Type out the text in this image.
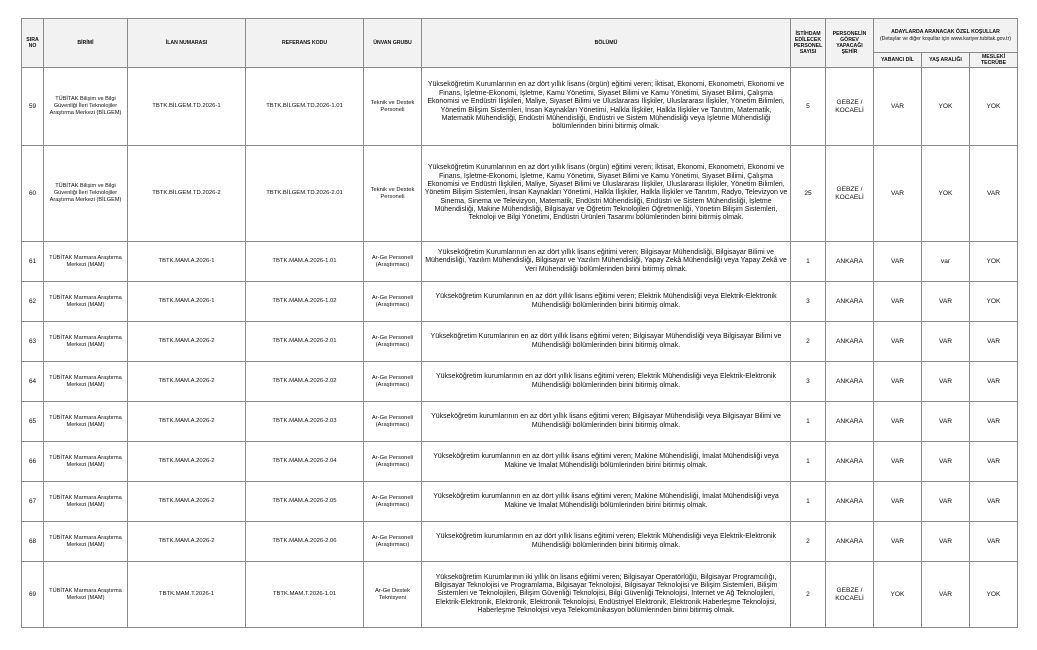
SIRA NO	BİRİMİ	İLAN NUMARASI	REFERANS KODU	ÜNVAN GRUBU	BÖLÜMÜ	İSTİHDAM EDİLECEK PERSONEL SAYISI	PERSONELİN GÖREV YAPACAĞI ŞEHİR	ADAYLARDA ARANACAK ÖZEL KOŞULLAR
(Detaylar ve diğer koşullar için www.kariyer.tubitak.gov.tr)		

								YABANCI DİL	YAŞ ARALIĞI	MESLEKİ TECRÜBE
59	TÜBİTAK Bilişim ve Bilgi Güvenliği İleri Teknolojiler Araştırma Merkezi (BİLGEM)	TBTK.BİLGEM.TD.2026-1	TBTK.BİLGEM.TD.2026-1.01	Teknik ve Destek Personeli	Yükseköğretim Kurumlarının en az dört yıllık lisans (örgün) eğitimi veren; İktisat, Ekonomi, Ekonometri, Ekonomi ve Finans, İşletme-Ekonomi, İşletme, Kamu Yönetimi, Siyaset Bilimi ve Kamu Yönetimi, Siyaset Bilimi, Çalışma Ekonomisi ve Endüstri İlişkileri, Maliye, Siyaset Bilimi ve Uluslararası İlişkiler, Uluslararası İlişkiler, Yönetim Bilimleri, Yönetim Bilişim Sistemleri, İnsan Kaynakları Yönetimi, Halkla İlişkiler, Halkla İlişkiler ve Tanıtım, Matematik, Matematik Mühendisliği, Endüstri Mühendisliği, Endüstri ve Sistem Mühendisliği veya İşletme Mühendisliği bölümlerinden birini bitirmiş olmak.	5	GEBZE / KOCAELİ	VAR	YOK	YOK
60	TÜBİTAK Bilişim ve Bilgi Güvenliği İleri Teknolojiler Araştırma Merkezi (BİLGEM)	TBTK.BİLGEM.TD.2026-2	TBTK.BİLGEM.TD.2026-2.01	Teknik ve Destek Personeli	Yükseköğretim Kurumlarının en az dört yıllık lisans (örgün) eğitimi veren; İktisat, Ekonomi, Ekonometri, Ekonomi ve Finans, İşletme-Ekonomi, İşletme, Kamu Yönetimi, Siyaset Bilimi ve Kamu Yönetimi, Siyaset Bilimi, Çalışma Ekonomisi ve Endüstri İlişkileri, Maliye, Siyaset Bilimi ve Uluslararası İlişkiler, Uluslararası İlişkiler, Yönetim Bilimleri, Yönetim Bilişim Sistemleri, İnsan Kaynakları Yönetimi, Halkla İlişkiler, Halkla İlişkiler ve Tanıtım, Radyo, Televizyon ve Sinema, Sinema ve Televizyon, Matematik, Endüstri Mühendisliği, Endüstri ve Sistem Mühendisliği, İşletme Mühendisliği, Makine Mühendisliği, Bilgisayar ve Öğretim Teknolojileri Öğretmenliği, Yönetim Bilişim Sistemleri, Teknoloji ve Bilgi Yönetimi, Endüstri Ürünleri Tasarımı bölümlerinden birini bitirmiş olmak.	25	GEBZE / KOCAELİ	VAR	YOK	VAR
61	TÜBİTAK Marmara Araştırma Merkezi (MAM)	TBTK.MAM.A.2026-1	TBTK.MAM.A.2026-1.01	Ar-Ge Personeli (Araştırmacı)	Yükseköğretim Kurumlarının en az dört yıllık lisans eğitimi veren; Bilgisayar Mühendisliği, Bilgisayar Bilimi ve Mühendisliği, Yazılım Mühendisliği, Bilgisayar ve Yazılım Mühendisliği, Yapay Zekâ Mühendisliği veya Yapay Zekâ ve Veri Mühendisliği bölümlerinden birini bitirmiş olmak.	1	ANKARA	VAR	var	YOK
62	TÜBİTAK Marmara Araştırma Merkezi (MAM)	TBTK.MAM.A.2026-1	TBTK.MAM.A.2026-1.02	Ar-Ge Personeli (Araştırmacı)	Yükseköğretim Kurumlarının en az dört yıllık lisans eğitimi veren; Elektrik Mühendisliği veya Elektrik-Elektronik Mühendisliği bölümlerinden birini bitirmiş olmak.	3	ANKARA	VAR	VAR	YOK
63	TÜBİTAK Marmara Araştırma Merkezi (MAM)	TBTK.MAM.A.2026-2	TBTK.MAM.A.2026-2.01	Ar-Ge Personeli (Araştırmacı)	Yükseköğretim Kurumlarının en az dört yıllık lisans eğitimi veren; Bilgisayar Mühendisliği veya Bilgisayar Bilimi ve Mühendisliği bölümlerinden birini bitirmiş olmak.	2	ANKARA	VAR	VAR	VAR
64	TÜBİTAK Marmara Araştırma Merkezi (MAM)	TBTK.MAM.A.2026-2	TBTK.MAM.A.2026-2.02	Ar-Ge Personeli (Araştırmacı)	Yükseköğretim kurumlarının en az dört yıllık lisans eğitimi veren; Elektrik Mühendisliği veya Elektrik-Elektronik Mühendisliği bölümlerinden birini bitirmiş olmak.	3	ANKARA	VAR	VAR	VAR
65	TÜBİTAK Marmara Araştırma Merkezi (MAM)	TBTK.MAM.A.2026-2	TBTK.MAM.A.2026-2.03	Ar-Ge Personeli (Araştırmacı)	Yükseköğretim kurumlarının en az dört yıllık lisans eğitimi veren; Bilgisayar Mühendisliği veya Bilgisayar Bilimi ve Mühendisliği bölümlerinden birini bitirmiş olmak.	1	ANKARA	VAR	VAR	VAR
66	TÜBİTAK Marmara Araştırma Merkezi (MAM)	TBTK.MAM.A.2026-2	TBTK.MAM.A.2026-2.04	Ar-Ge Personeli (Araştırmacı)	Yükseköğretim kurumlarının en az dört yıllık lisans eğitimi veren; Makine Mühendisliği, İmalat Mühendisliği veya Makine ve İmalat Mühendisliği bölümlerinden birini bitirmiş olmak.	1	ANKARA	VAR	VAR	VAR
67	TÜBİTAK Marmara Araştırma Merkezi (MAM)	TBTK.MAM.A.2026-2	TBTK.MAM.A.2026-2.05	Ar-Ge Personeli (Araştırmacı)	Yükseköğretim kurumlarının en az dört yıllık lisans eğitimi veren; Makine Mühendisliği, İmalat Mühendisliği veya Makine ve İmalat Mühendisliği bölümlerinden birini bitirmiş olmak.	1	ANKARA	VAR	VAR	VAR
68	TÜBİTAK Marmara Araştırma Merkezi (MAM)	TBTK.MAM.A.2026-2	TBTK.MAM.A.2026-2.06	Ar-Ge Personeli (Araştırmacı)	Yükseköğretim kurumlarının en az dört yıllık lisans eğitimi veren; Elektrik Mühendisliği veya Elektrik-Elektronik Mühendisliği bölümlerinden birini bitirmiş olmak.	2	ANKARA	VAR	VAR	VAR
69	TÜBİTAK Marmara Araştırma Merkezi (MAM)	TBTK.MAM.T.2026-1	TBTK.MAM.T.2026-1.01	Ar-Ge Destek Teknisyeni	Yükseköğretim Kurumlarının iki yıllık ön lisans eğitimi veren; Bilgisayar Operatörlüğü, Bilgisayar Programcılığı, Bilgisayar Teknolojisi ve Programlama, Bilgisayar Teknolojisi, Bilgisayar Teknolojisi ve Bilişim Sistemleri, Bilişim Sistemleri ve Teknolojileri, Bilişim Güvenliği Teknolojisi, Bilgi Güvenliği Teknolojisi, İnternet ve Ağ Teknolojileri, Elektrik-Elektronik, Elektronik, Elektronik Teknolojisi, Endüstriyel Elektronik, Elektronik Haberleşme Teknolojisi, Haberleşme Teknolojisi veya Telekomünikasyon bölümlerinden birini bitirmiş olmak.	2	GEBZE / KOCAELİ	YOK	VAR	YOK
